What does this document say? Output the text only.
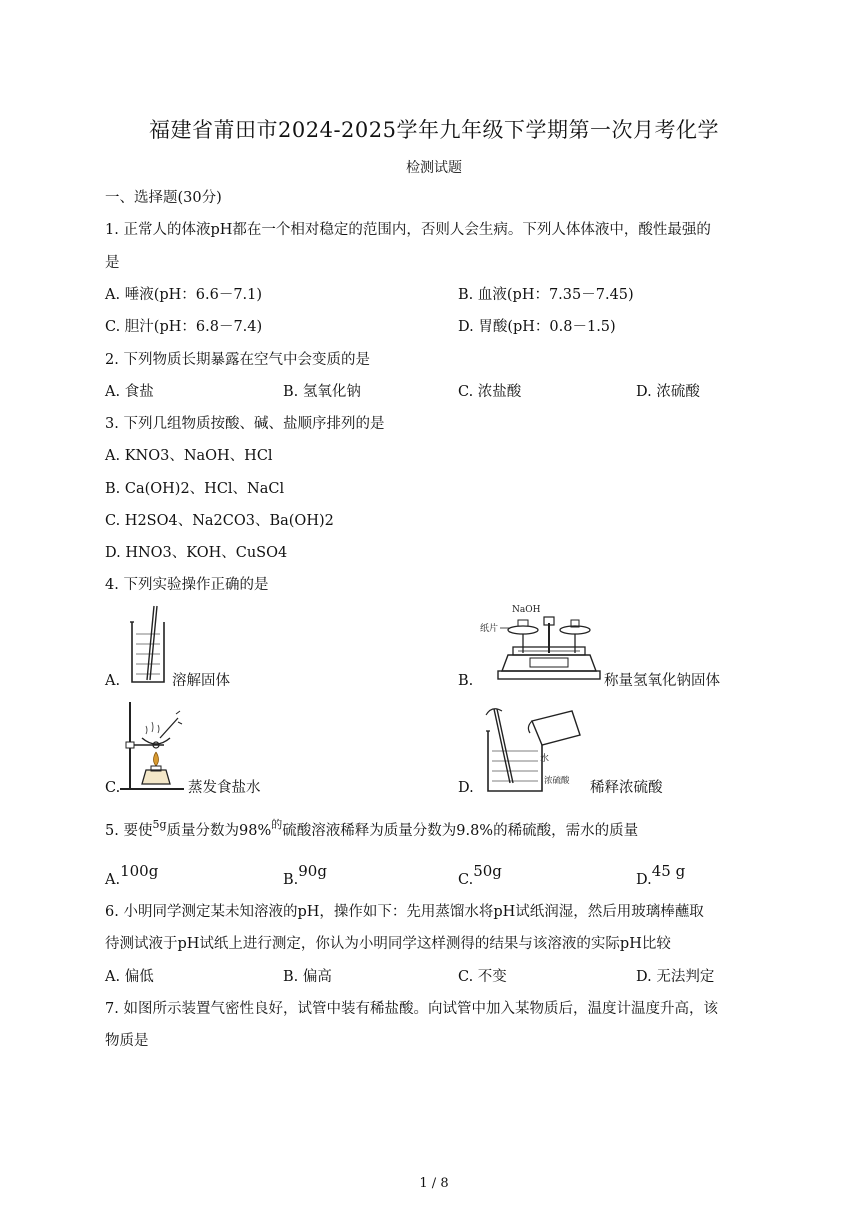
福建省莆田市2024-2025学年九年级下学期第一次月考化学
检测试题
一、选择题(30分)
1. 正常人的体液pH都在一个相对稳定的范围内，否则人会生病。下列人体体液中，酸性最强的
是
A. 唾液(pH：6.6－7.1)	B. 血液(pH：7.35－7.45)
C. 胆汁(pH：6.8－7.4)	D. 胃酸(pH：0.8－1.5)
2. 下列物质长期暴露在空气中会变质的是
A. 食盐	B. 氢氧化钠	C. 浓盐酸	D. 浓硫酸
3. 下列几组物质按酸、碱、盐顺序排列的是
A. KNO3、NaOH、HCl
B. Ca(OH)2、HCl、NaCl
C. H2SO4、Na2CO3、Ba(OH)2
D. HNO3、KOH、CuSO4
4. 下列实验操作正确的是
A.	溶解固体
NaOH
纸片
B.	称量氢氧化钠固体
C.	蒸发食盐水
水
浓硫酸
D.	稀释浓硫酸
5. 要使$^{5g}$质量分数为98%$^的$硫酸溶液稀释为质量分数为9.8%的稀硫酸，需水的质量
A.100g	B.90g	C.50g	D.45 g
6. 小明同学测定某未知溶液的pH，操作如下：先用蒸馏水将pH试纸润湿，然后用玻璃棒蘸取
待测试液于pH试纸上进行测定，你认为小明同学这样测得的结果与该溶液的实际pH比较
A. 偏低	B. 偏高	C. 不变	D. 无法判定
7. 如图所示装置气密性良好，试管中装有稀盐酸。向试管中加入某物质后，温度计温度升高，该
物质是
1 / 8
